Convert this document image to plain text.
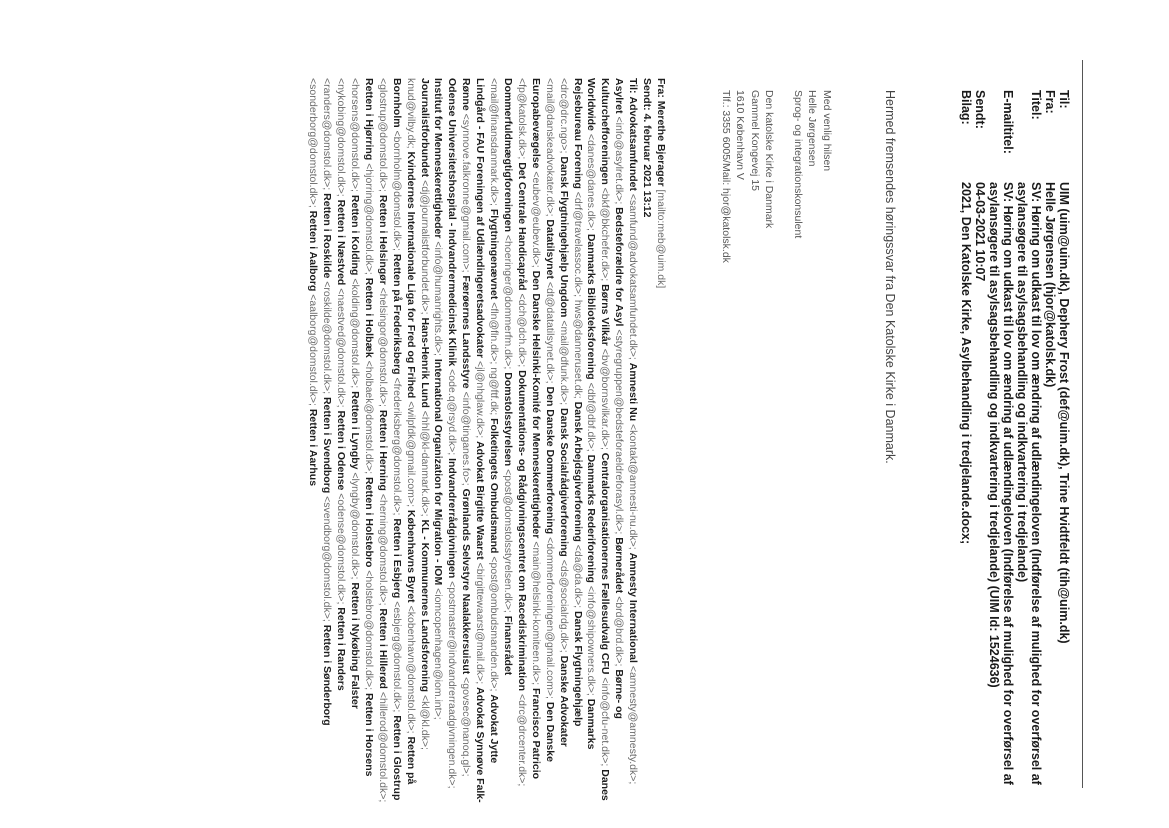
Til:
UIM (uim@uim.dk), Dephery Frost (def@uim.dk), Trine Hvidtfeldt (tih@uim.dk)
Fra:
Helle Jørgensen (hjor@katolsk.dk)
Titel:
SV: Høring om udkast til lov om ændring af udlændingeloven (Indførelse af mulighed for overførsel af asylansøgere til asylsagsbehandling og indkvartering i tredjelande)
E-mailtitel:
SV: Høring om udkast til lov om ændring af udlændingeloven (Indførelse af mulighed for overførsel af asylansøgere til asylsagsbehandling og indkvartering i tredjelande) (UIM Id: 1524636)
Sendt:
04-03-2021 10:07
Bilag:
2021, Den Katolske Kirke, Asylbehandling i tredjelande.docx;
Hermed fremsendes høringssvar fra Den Katolske Kirke i Danmark.
Med venlig hilsen
Helle Jørgensen
Sprog- og integrationskonsulent
Den katolske Kirke i Danmark
Gammel Kongevej 15
1610 København V
Tlf.: 3355 6005/Mail: hjor@katolsk.dk
Fra: Merethe Bjerager [mailto:meb@uim.dk]
Sendt: 4. februar 2021 13:12
Til: Advokatsamfundet <samfund@advokatsamfundet.dk>; Amnesti Nu <kontakt@amnesti-nu.dk>; Amnesty International <amnesty@amnesty.dk>; Asylret <info@asylret.dk>; Bedsteforældre for Asyl <styregruppen@bedsteforaeldreforasyl.dk>; Børnerådet <brd@brd.dk>; Børne- og Kulturchefforeningen <bkf@bkchefer.dk>; Børns Vilkår <bv@bornsvilkar.dk>; Centralorganisationernes Fællesudvalg CFU <info@cfu-net.dk>; Danes Worldwide <danes@danes.dk>; Danmarks Biblioteksforening <dbf@dbf.dk>; Danmarks Rederiforening <info@shipowners.dk>; Danmarks Rejsebureau Forening <drf@travelassoc.dk>; hws@danneruset.dk; Dansk Arbejdsgiverforening <da@da.dk>; Dansk Flygtningehjælp <drc@drc.ngo>; Dansk Flygtningehjælp Ungdom <mail@dfunk.dk>; Dansk Socialrådgiverforening <ds@socialrdg.dk>; Danske Advokater <mail@danskeadvokater.dk>; Datatilsynet <dt@datatilsynet.dk>; Den Danske Dommerforening <dommerforeningen@gmail.com>; Den Danske Europabevægelse <eubev@eubev.dk>; Den Danske Helsinki-Komité for Menneskerettigheder <main@helsinki-komiteen.dk>; Francisco Patricio <fp@katolsk.dk>; Det Centrale Handicapråd <dch@dch.dk>; Dokumentations- og Rådgivningscentret om Racediskrimination <drc@drcenter.dk>; Dommerfuldmægtigforeningen <hoeringer@dommerfm.dk>; Domstolsstyrelsen <post@domstolsstyrelsen.dk>; Finansrådet <mail@finansdanmark.dk>; Flygtningenævnet <fln@fln.dk>; ng@ftf.dk; Folketingets Ombudsmand <post@ombudsmanden.dk>; Advokat Jytte Lindgård - FAU Foreningen af Udlændingeretsadvokater <jl@nhglaw.dk>; Advokat Birgitte Waarst <birgittewaarst@mail.dk>; Advokat Synnøve Falk-Rønne <synnove.falkronne@gmail.com>; Færøernes Landsstyre <info@tinganes.fo>; Grønlands Selvstyre Naalakkersuisut <govsec@nanoq.gl>; Odense Universitetshospital - Indvandrermedicinsk Klinik <ode.q@rsyd.dk>; Indvandrerrådgivningen <postmaster@indvandrerraadgivningen.dk>; Institut for Menneskerettigheder <info@humanrights.dk>; International Organization for Migration - IOM <iomcopenhagen@iom.int>; Journalistforbundet <dj@journalistforbundet.dk>; Hans-Henrik Lund <hhl@kl-danmark.dk>; KL - Kommunernes Landsforening <kl@kl.dk>; knud@vilby.dk; Kvindernes Internationale Liga for Fred og Frihed <wilpfdk@gmail.com>; Københavns Byret <kobenhavn@domstol.dk>; Retten på Bornholm <bornholm@domstol.dk>; Retten på Frederiksberg <frederiksberg@domstol.dk>; Retten i Esbjerg <esbjerg@domstol.dk>; Retten i Glostrup <glostrup@domstol.dk>; Retten i Helsingør <helsingor@domstol.dk>; Retten i Herning <herning@domstol.dk>; Retten i Hillerød <hillerod@domstol.dk>; Retten i Hjørring <hjorring@domstol.dk>; Retten i Holbæk <holbaek@domstol.dk>; Retten i Holstebro <holstebro@domstol.dk>; Retten i Horsens <horsens@domstol.dk>; Retten i Kolding <kolding@domstol.dk>; Retten i Lyngby <lyngby@domstol.dk>; Retten i Nykøbing Falster <nykobing@domstol.dk>; Retten i Næstved <naestved@domstol.dk>; Retten i Odense <odense@domstol.dk>; Retten i Randers <randers@domstol.dk>; Retten i Roskilde <roskilde@domstol.dk>; Retten i Svendborg <svendborg@domstol.dk>; Retten i Sønderborg <sonderborg@domstol.dk>; Retten i Aalborg <aalborg@domstol.dk>; Retten i Aarhus
